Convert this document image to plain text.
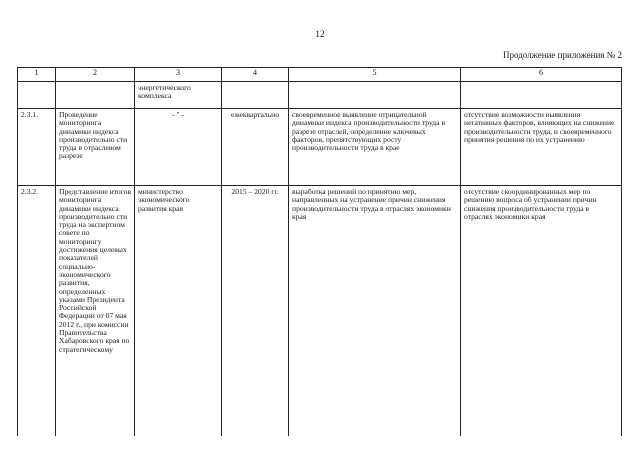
12
Продолжение приложения № 2
1	2	3	4	5	6
		энергетического комплекса			
2.3.1.	Проведение мониторинга динамики индекса производительно сти труда в отраслевом разрезе	- " -	ежеквартально	своевременное выявление отрицательной динамики индекса производительности труда в разрезе отраслей, определение ключевых факторов, препятствующих росту производительности труда в крае	отсутствие возможности выявления негативных факторов, влияющих на снижение производительности труда, и своевременного принятия решения по их устранению
2.3.2.	Представление итогов мониторинга динамики индекса производительно сти труда на экспертном совете по мониторингу достижения целевых показателей социально-экономического развития, определенных указами Президента Российской Федерации от 07 мая 2012 г., при комиссии Правительства Хабаровского края по стратегическому	министерство экономического развития края	2015 – 2020 гг.	выработка решений по принятию мер, направленных на устранение причин снижения производительности труда в отраслях экономики края	отсутствие скоординированных мер по решению вопроса об устранении причин снижения производительности труда в отраслях экономики края
